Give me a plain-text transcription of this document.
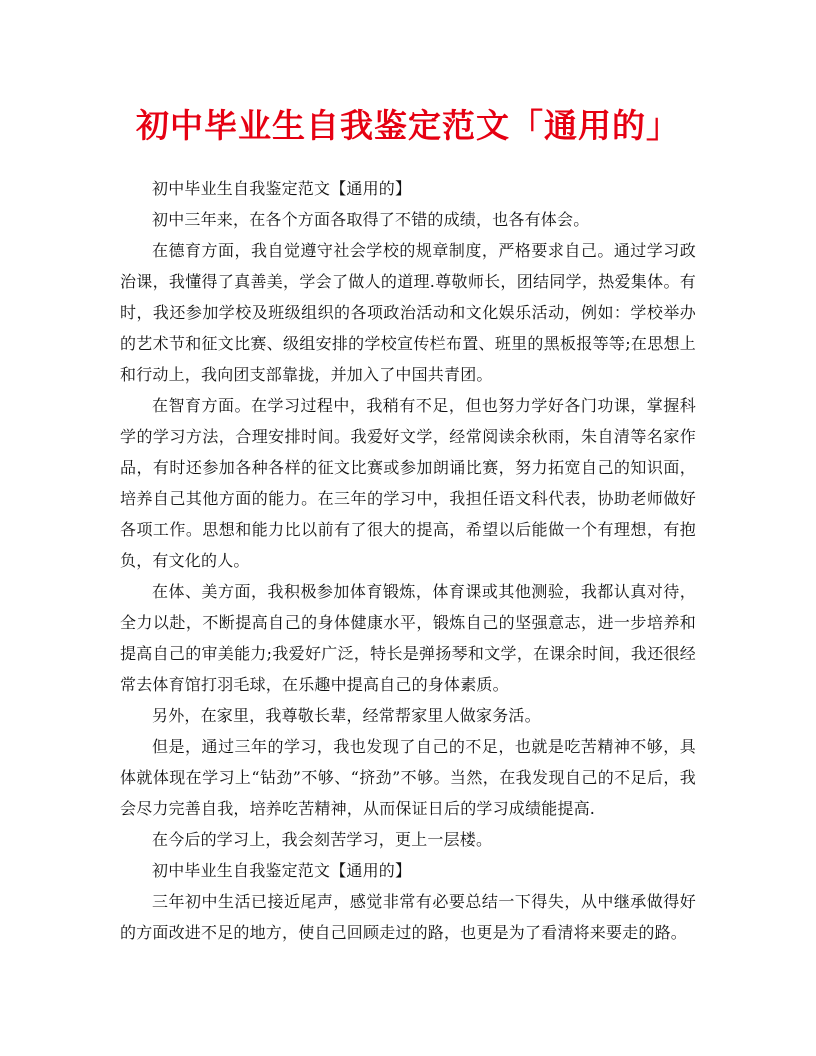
初中毕业生自我鉴定范文「通用的」

初中毕业生自我鉴定范文【通用的】

初中三年来，在各个方面各取得了不错的成绩，也各有体会。

在德育方面，我自觉遵守社会学校的规章制度，严格要求自己。通过学习政治课，我懂得了真善美，学会了做人的道理.尊敬师长，团结同学，热爱集体。有时，我还参加学校及班级组织的各项政治活动和文化娱乐活动，例如：学校举办的艺术节和征文比赛、级组安排的学校宣传栏布置、班里的黑板报等等;在思想上和行动上，我向团支部靠拢，并加入了中国共青团。

在智育方面。在学习过程中，我稍有不足，但也努力学好各门功课，掌握科学的学习方法，合理安排时间。我爱好文学，经常阅读余秋雨，朱自清等名家作品，有时还参加各种各样的征文比赛或参加朗诵比赛，努力拓宽自己的知识面，培养自己其他方面的能力。在三年的学习中，我担任语文科代表，协助老师做好各项工作。思想和能力比以前有了很大的提高，希望以后能做一个有理想，有抱负，有文化的人。

在体、美方面，我积极参加体育锻炼，体育课或其他测验，我都认真对待，全力以赴，不断提高自己的身体健康水平，锻炼自己的坚强意志，进一步培养和提高自己的审美能力;我爱好广泛，特长是弹扬琴和文学，在课余时间，我还很经常去体育馆打羽毛球，在乐趣中提高自己的身体素质。

另外，在家里，我尊敬长辈，经常帮家里人做家务活。

但是，通过三年的学习，我也发现了自己的不足，也就是吃苦精神不够，具体就体现在学习上“钻劲”不够、“挤劲”不够。当然，在我发现自己的不足后，我会尽力完善自我，培养吃苦精神，从而保证日后的学习成绩能提高.

在今后的学习上，我会刻苦学习，更上一层楼。

初中毕业生自我鉴定范文【通用的】

三年初中生活已接近尾声，感觉非常有必要总结一下得失，从中继承做得好的方面改进不足的地方，使自己回顾走过的路，也更是为了看清将来要走的路。
